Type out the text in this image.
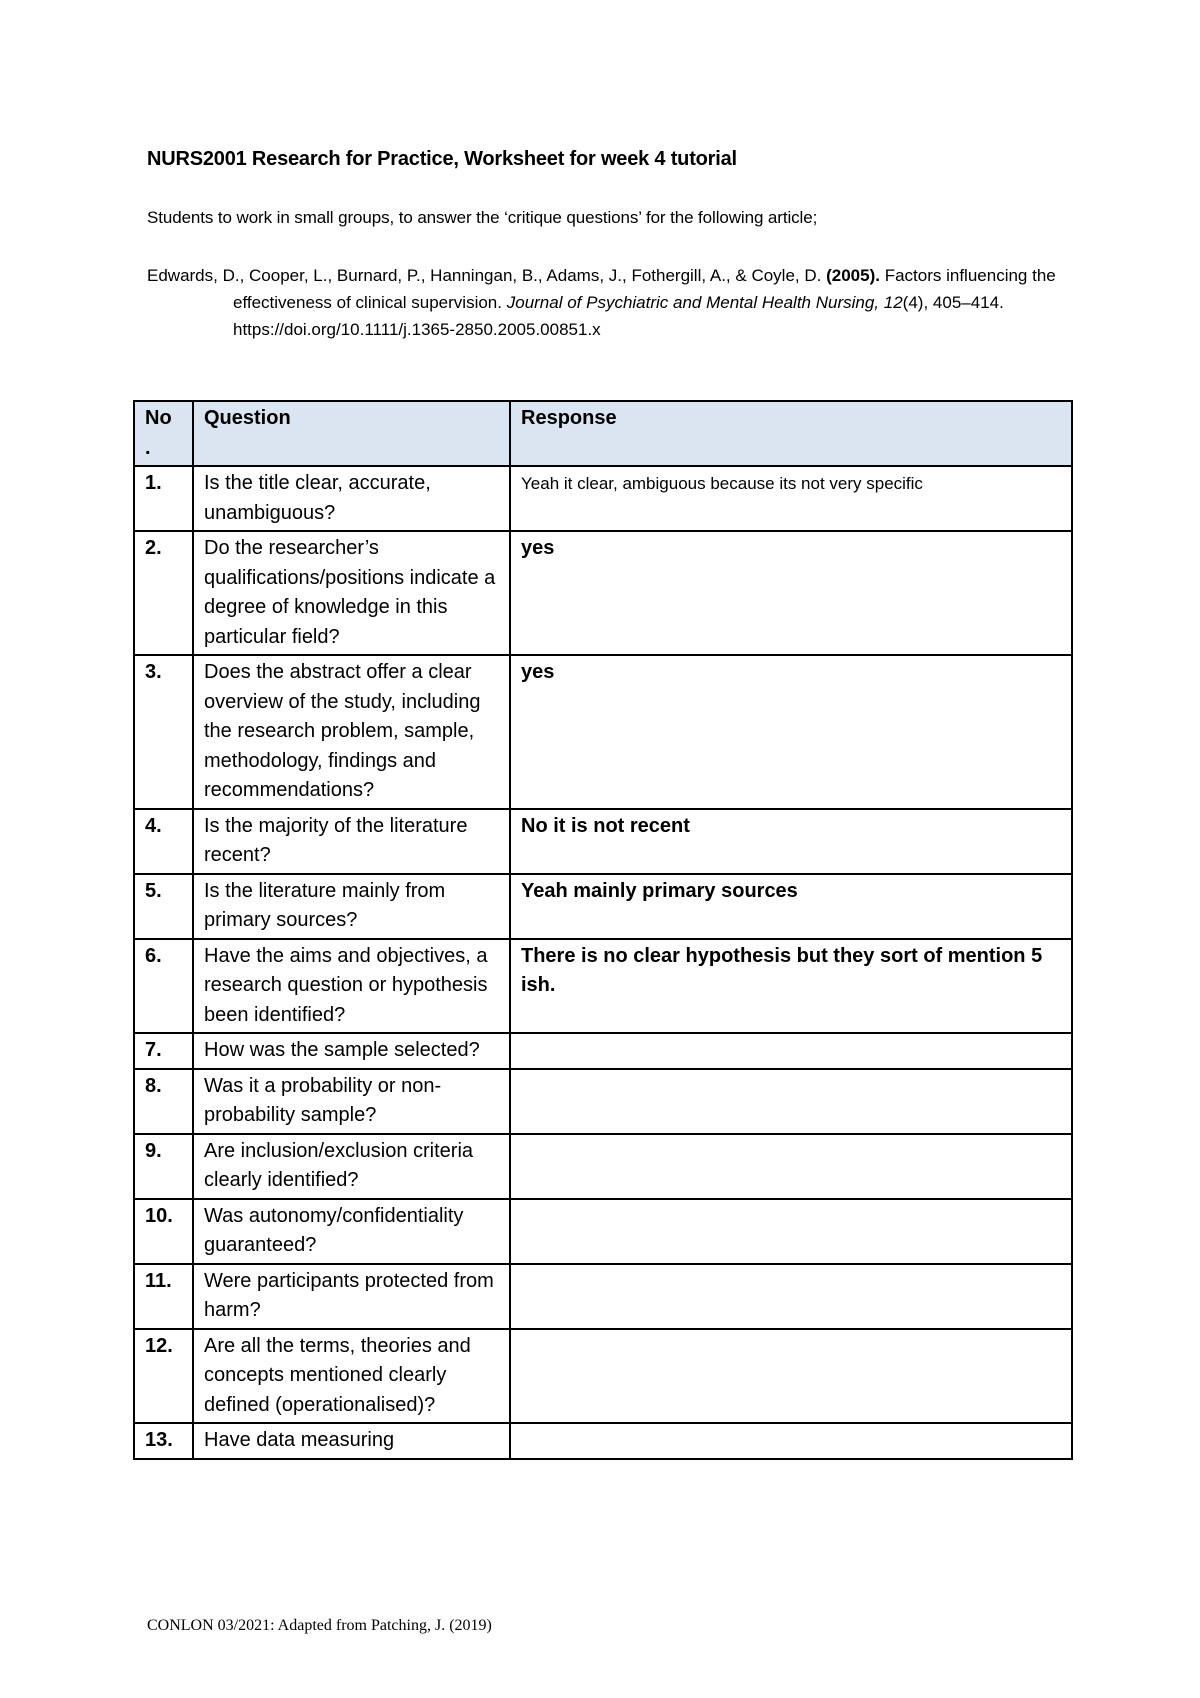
NURS2001 Research for Practice, Worksheet for week 4 tutorial

Students to work in small groups, to answer the ‘critique questions’ for the following article;

Edwards, D., Cooper, L., Burnard, P., Hanningan, B., Adams, J., Fothergill, A., & Coyle, D. (2005). Factors influencing the effectiveness of clinical supervision. Journal of Psychiatric and Mental Health Nursing, 12(4), 405–414. https://doi.org/10.1111/j.1365-2850.2005.00851.x

No .	Question	Response
1.	Is the title clear, accurate, unambiguous?	Yeah it clear, ambiguous because its not very specific
2.	Do the researcher’s qualifications/positions indicate a degree of knowledge in this particular field?	yes
3.	Does the abstract offer a clear overview of the study, including the research problem, sample, methodology, findings and recommendations?	yes
4.	Is the majority of the literature recent?	No it is not recent
5.	Is the literature mainly from primary sources?	Yeah mainly primary sources
6.	Have the aims and objectives, a research question or hypothesis been identified?	There is no clear hypothesis but they sort of mention 5 ish.
7.	How was the sample selected?	
8.	Was it a probability or non-probability sample?	
9.	Are inclusion/exclusion criteria clearly identified?	
10.	Was autonomy/confidentiality guaranteed?	
11.	Were participants protected from harm?	
12.	Are all the terms, theories and concepts mentioned clearly defined (operationalised)?	
13.	Have data measuring	

CONLON 03/2021: Adapted from Patching, J. (2019)
